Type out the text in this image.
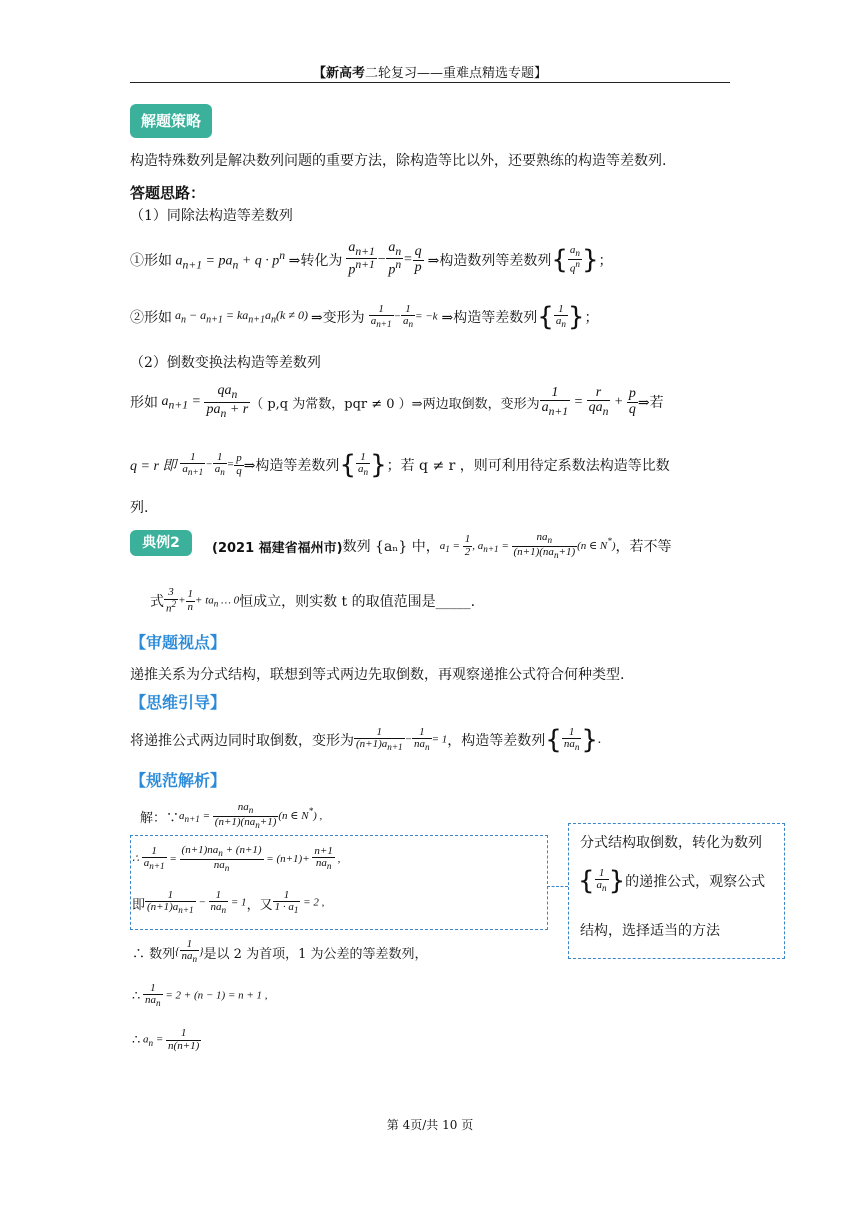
【新高考二轮复习——重难点精选专题】
解题策略
构造特殊数列是解决数列问题的重要方法，除构造等比以外，还要熟练的构造等差数列.
答题思路：
（1）同除法构造等差数列
①形如 $a_{n+1} = pa_n + q \cdot p^n$ ⇒转化为 $\frac{a_{n+1}}{p^{n+1}} - \frac{a_n}{p^n} = \frac{q}{p}$ ⇒构造数列等差数列 { $\frac{a_n}{q^n}$ } ；
②形如 $a_n - a_{n+1} = ka_{n+1}a_n(k \ne 0)$ ⇒变形为 $\frac{1}{a_{n+1}} - \frac{1}{a_n} = -k$ ⇒构造等差数列 { $\frac{1}{a_n}$ } ；
（2）倒数变换法构造等差数列
形如 $a_{n+1} = \frac{qa_n}{pa_n + r}$ （ p,q 为常数，pqr ≠ 0 ）⇒两边取倒数，变形为 $\frac{1}{a_{n+1}} = \frac{r}{qa_n} + \frac{p}{q}$ ⇒若
q = r 即 $\frac{1}{a_{n+1}} - \frac{1}{a_n} = \frac{p}{q}$ ⇒构造等差数列 { $\frac{1}{a_n}$ } ；若 q ≠ r ，则可利用待定系数法构造等比数
列.
典例2	(2021 福建省福州市) 数列 {aₙ} 中， $a_1 = \frac{1}{2}$ , $a_{n+1} = \frac{na_n}{(n+1)(na_n+1)} (n$ ∈ N*) ，若不等
式 $\frac{3}{n^2} + \frac{1}{n} + ta_n$ … 0 恒成立，则实数 t 的取值范围是_____.
【审题视点】
递推关系为分式结构，联想到等式两边先取倒数，再观察递推公式符合何种类型.
【思维引导】
将递推公式两边同时取倒数，变形为 $\frac{1}{(n+1)a_{n+1}} - \frac{1}{na_n} = 1$ ，构造等差数列 { $\frac{1}{na_n}$ }.
【规范解析】
解：∵ $a_{n+1} = \frac{na_n}{(n+1)(na_n+1)} (n$ ∈ N*) ,
∴ $\frac{1}{a_{n+1}} = \frac{(n+1)na_n + (n+1)}{na_n} = (n+1)+ \frac{n+1}{na_n}$ ,
即 $\frac{1}{(n+1)a_{n+1}} - \frac{1}{na_n} = 1$ ，又 $\frac{1}{1 \cdot a_1} = 2$ ,
∴ 数列 { $\frac{1}{na_n}$ } 是以 2 为首项，1 为公差的等差数列，
∴
$\frac{1}{na_n} = 2 + (n - 1) = n + 1$ ,
∴ $a_n = \frac{1}{n(n+1)}$
分式结构取倒数，转化为数列
{ $\frac{1}{a_n}$ } 的递推公式，观察公式
结构，选择适当的方法
第 4页/共 10 页
